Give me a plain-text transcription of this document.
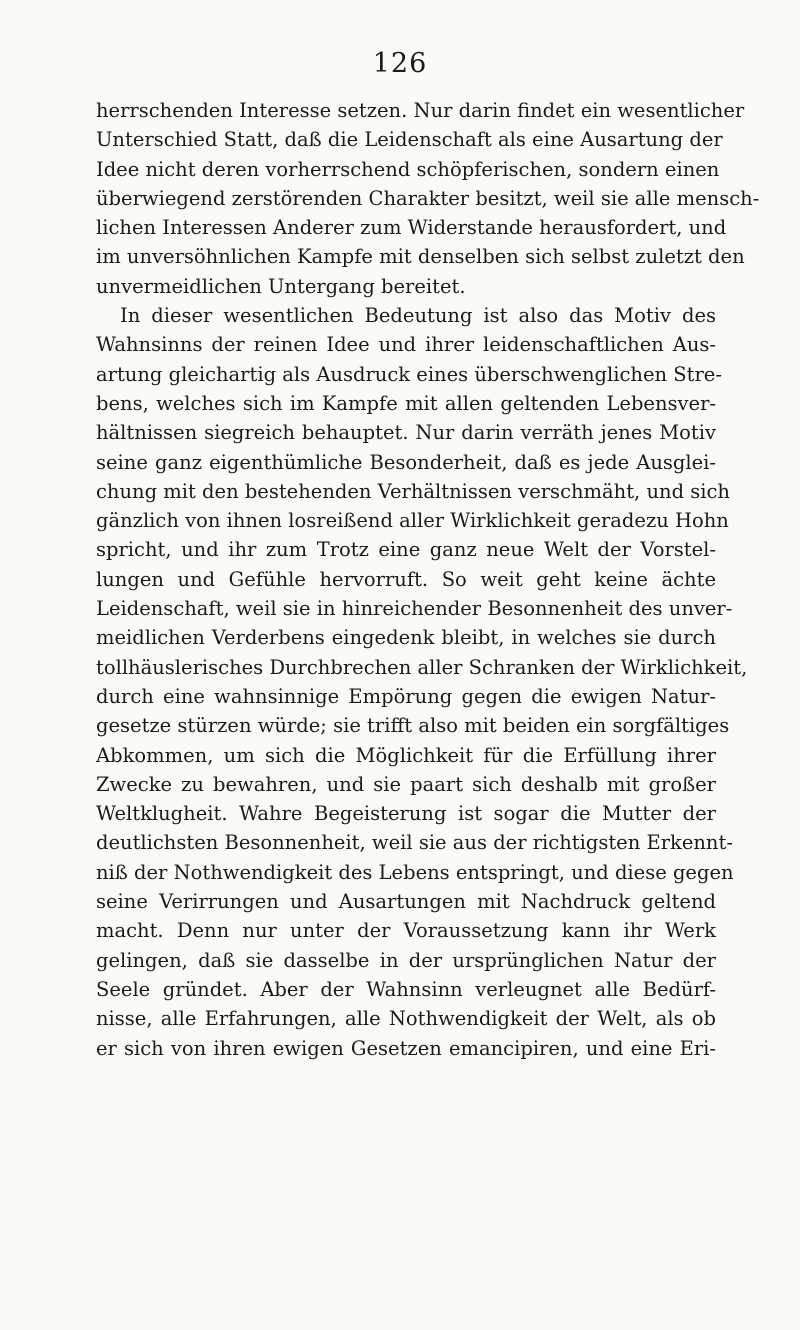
126
herrschenden Interesse setzen. Nur darin findet ein wesentlicher
Unterschied Statt, daß die Leidenschaft als eine Ausartung der
Idee nicht deren vorherrschend schöpferischen, sondern einen
überwiegend zerstörenden Charakter besitzt, weil sie alle mensch-
lichen Interessen Anderer zum Widerstande herausfordert, und
im unversöhnlichen Kampfe mit denselben sich selbst zuletzt den
unvermeidlichen Untergang bereitet.
In dieser wesentlichen Bedeutung ist also das Motiv des
Wahnsinns der reinen Idee und ihrer leidenschaftlichen Aus-
artung gleichartig als Ausdruck eines überschwenglichen Stre-
bens, welches sich im Kampfe mit allen geltenden Lebensver-
hältnissen siegreich behauptet. Nur darin verräth jenes Motiv
seine ganz eigenthümliche Besonderheit, daß es jede Ausglei-
chung mit den bestehenden Verhältnissen verschmäht, und sich
gänzlich von ihnen losreißend aller Wirklichkeit geradezu Hohn
spricht, und ihr zum Trotz eine ganz neue Welt der Vorstel-
lungen und Gefühle hervorruft. So weit geht keine ächte
Leidenschaft, weil sie in hinreichender Besonnenheit des unver-
meidlichen Verderbens eingedenk bleibt, in welches sie durch
tollhäuslerisches Durchbrechen aller Schranken der Wirklichkeit,
durch eine wahnsinnige Empörung gegen die ewigen Natur-
gesetze stürzen würde; sie trifft also mit beiden ein sorgfältiges
Abkommen, um sich die Möglichkeit für die Erfüllung ihrer
Zwecke zu bewahren, und sie paart sich deshalb mit großer
Weltklugheit. Wahre Begeisterung ist sogar die Mutter der
deutlichsten Besonnenheit, weil sie aus der richtigsten Erkennt-
niß der Nothwendigkeit des Lebens entspringt, und diese gegen
seine Verirrungen und Ausartungen mit Nachdruck geltend
macht. Denn nur unter der Voraussetzung kann ihr Werk
gelingen, daß sie dasselbe in der ursprünglichen Natur der
Seele gründet. Aber der Wahnsinn verleugnet alle Bedürf-
nisse, alle Erfahrungen, alle Nothwendigkeit der Welt, als ob
er sich von ihren ewigen Gesetzen emancipiren, und eine Eri-
